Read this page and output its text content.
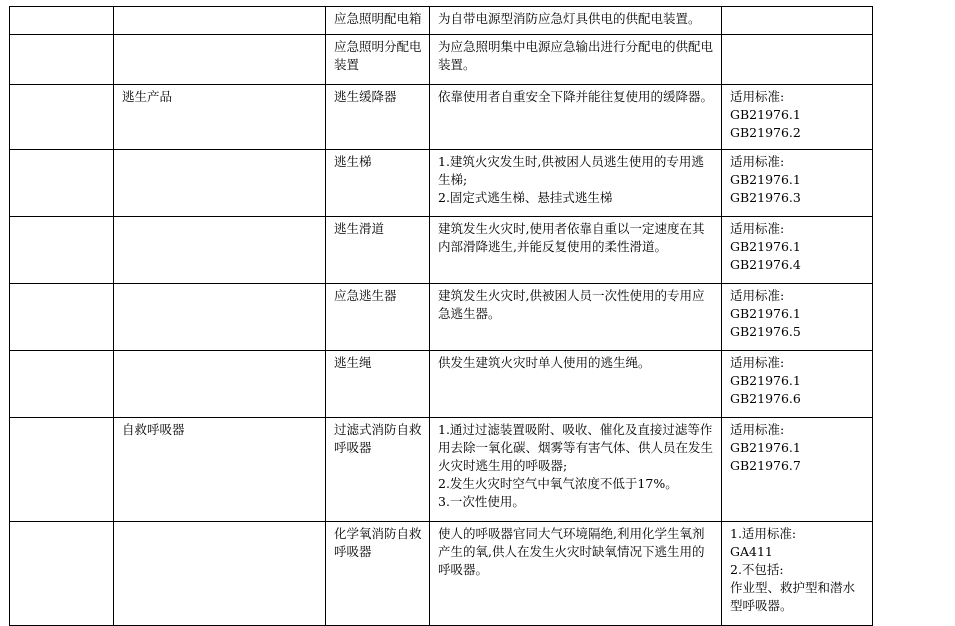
		应急照明配电箱	为自带电源型消防应急灯具供电的供配电装置。	

		应急照明分配电装置	为应急照明集中电源应急输出进行分配电的供配电装置。	

	逃生产品	逃生缓降器	依靠使用者自重安全下降并能往复使用的缓降器。	适用标准:
GB21976.1
GB21976.2

		逃生梯	1.建筑火灾发生时,供被困人员逃生使用的专用逃生梯;
2.固定式逃生梯、悬挂式逃生梯	适用标准:
GB21976.1
GB21976.3

		逃生滑道	建筑发生火灾时,使用者依靠自重以一定速度在其内部滑降逃生,并能反复使用的柔性滑道。	适用标准:
GB21976.1
GB21976.4

		应急逃生器	建筑发生火灾时,供被困人员一次性使用的专用应急逃生器。	适用标准:
GB21976.1
GB21976.5

		逃生绳	供发生建筑火灾时单人使用的逃生绳。	适用标准:
GB21976.1
GB21976.6

	自救呼吸器	过滤式消防自救呼吸器	1.通过过滤装置吸附、吸收、催化及直接过滤等作用去除一氧化碳、烟雾等有害气体、供人员在发生火灾时逃生用的呼吸器;
2.发生火灾时空气中氧气浓度不低于17%。
3.一次性使用。	适用标准:
GB21976.1
GB21976.7

		化学氧消防自救呼吸器	使人的呼吸器官同大气环境隔绝,利用化学生氧剂产生的氧,供人在发生火灾时缺氧情况下逃生用的呼吸器。	1.适用标准:
GA411
2.不包括:
作业型、救护型和潜水型呼吸器。
